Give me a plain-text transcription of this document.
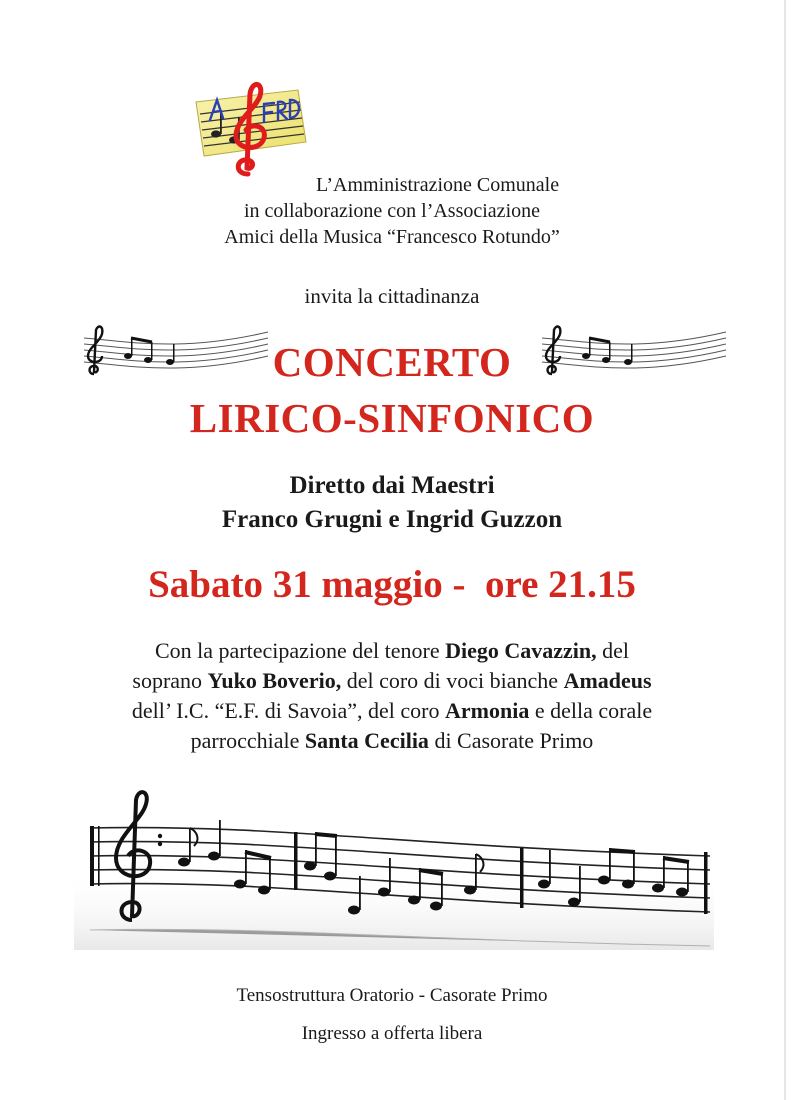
L’Amministrazione Comunale
in collaborazione con l’Associazione
Amici della Musica “Francesco Rotundo”
invita la cittadinanza
CONCERTO
LIRICO-SINFONICO
Diretto dai Maestri
Franco Grugni e Ingrid Guzzon
Sabato 31 maggio -  ore 21.15
Con la partecipazione del tenore Diego Cavazzin, del
soprano Yuko Boverio, del coro di voci bianche Amadeus
dell’ I.C. “E.F. di Savoia”, del coro Armonia e della corale
parrocchiale Santa Cecilia di Casorate Primo
Tensostruttura Oratorio - Casorate Primo
Ingresso a offerta libera
